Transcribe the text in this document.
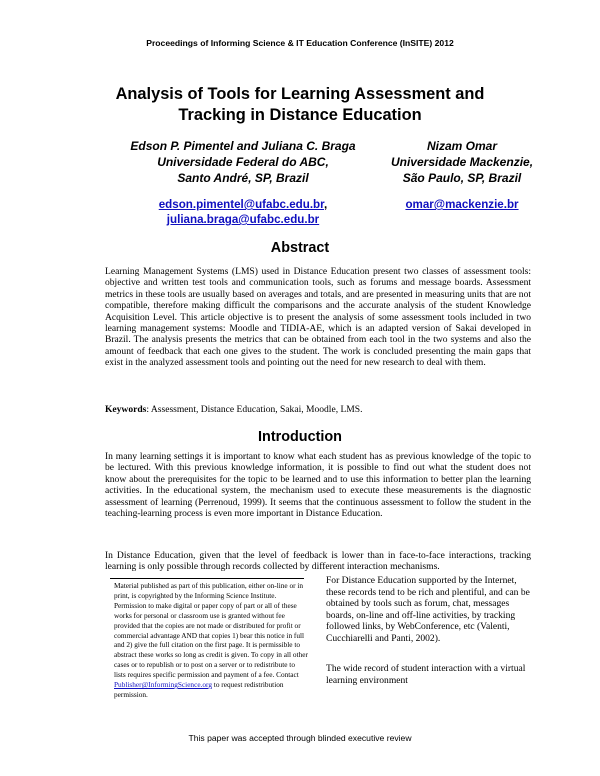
Proceedings of Informing Science & IT Education Conference (InSITE) 2012
Analysis of Tools for Learning Assessment and
Tracking in Distance Education
Edson P. Pimentel and Juliana C. Braga
Universidade Federal do ABC,
Santo André, SP, Brazil
Nizam Omar
Universidade Mackenzie,
São Paulo, SP, Brazil
edson.pimentel@ufabc.edu.br,
juliana.braga@ufabc.edu.br
omar@mackenzie.br
Abstract
Learning Management Systems (LMS) used in Distance Education present two classes of assessment tools: objective and written test tools and communication tools, such as forums and message boards. Assessment metrics in these tools are usually based on averages and totals, and are presented in measuring units that are not compatible, therefore making difficult the comparisons and the accurate analysis of the student Knowledge Acquisition Level. This article objective is to present the analysis of some assessment tools included in two learning management systems: Moodle and TIDIA-AE, which is an adapted version of Sakai developed in Brazil. The analysis presents the metrics that can be obtained from each tool in the two systems and also the amount of feedback that each one gives to the student. The work is concluded presenting the main gaps that exist in the analyzed assessment tools and pointing out the need for new research to deal with them.
Keywords: Assessment, Distance Education, Sakai, Moodle, LMS.
Introduction
In many learning settings it is important to know what each student has as previous knowledge of the topic to be lectured. With this previous knowledge information, it is possible to find out what the student does not know about the prerequisites for the topic to be learned and to use this information to better plan the learning activities. In the educational system, the mechanism used to execute these measurements is the diagnostic assessment of learning (Perrenoud, 1999). It seems that the continuous assessment to follow the student in the teaching-learning process is even more important in Distance Education.
In Distance Education, given that the level of feedback is lower than in face-to-face interactions, tracking learning is only possible through records collected by different interaction mechanisms.
Material published as part of this publication, either on-line or in print, is copyrighted by the Informing Science Institute. Permission to make digital or paper copy of part or all of these works for personal or classroom use is granted without fee provided that the copies are not made or distributed for profit or commercial advantage AND that copies 1) bear this notice in full and 2) give the full citation on the first page. It is permissible to abstract these works so long as credit is given. To copy in all other cases or to republish or to post on a server or to redistribute to lists requires specific permission and payment of a fee. Contact Publisher@InformingScience.org to request redistribution permission.
For Distance Education supported by the Internet, these records tend to be rich and plentiful, and can be obtained by tools such as forum, chat, messages boards, on-line and off-line activities, by tracking followed links, by WebConference, etc (Valenti, Cucchiarelli and Panti, 2002).
The wide record of student interaction with a virtual learning environment
This paper was accepted through blinded executive review
